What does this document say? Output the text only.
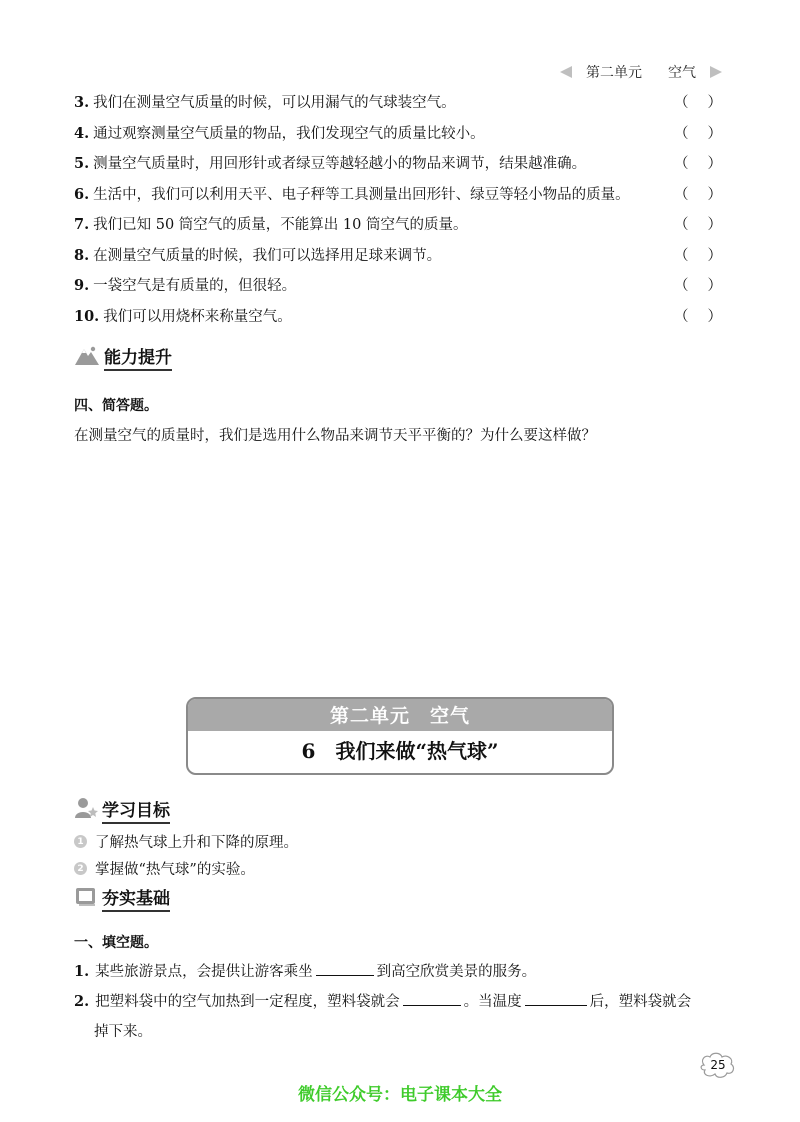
第二单元 空气
3. 我们在测量空气质量的时候，可以用漏气的气球装空气。	（ ）
4. 通过观察测量空气质量的物品，我们发现空气的质量比较小。	（ ）
5. 测量空气质量时，用回形针或者绿豆等越轻越小的物品来调节，结果越准确。	（ ）
6. 生活中，我们可以利用天平、电子秤等工具测量出回形针、绿豆等轻小物品的质量。	（ ）
7. 我们已知 50 筒空气的质量，不能算出 10 筒空气的质量。	（ ）
8. 在测量空气质量的时候，我们可以选择用足球来调节。	（ ）
9. 一袋空气是有质量的，但很轻。	（ ）
10. 我们可以用烧杯来称量空气。	（ ）
能力提升
四、简答题。
在测量空气的质量时，我们是选用什么物品来调节天平平衡的？为什么要这样做？
第二单元　空气
6　我们来做“热气球”
学习目标
1 了解热气球上升和下降的原理。
2 掌握做“热气球”的实验。
夯实基础
一、填空题。
1. 某些旅游景点，会提供让游客乘坐	到高空欣赏美景的服务。
2. 把塑料袋中的空气加热到一定程度，塑料袋就会	。当温度	后，塑料袋就会
掉下来。
25
微信公众号：电子课本大全
